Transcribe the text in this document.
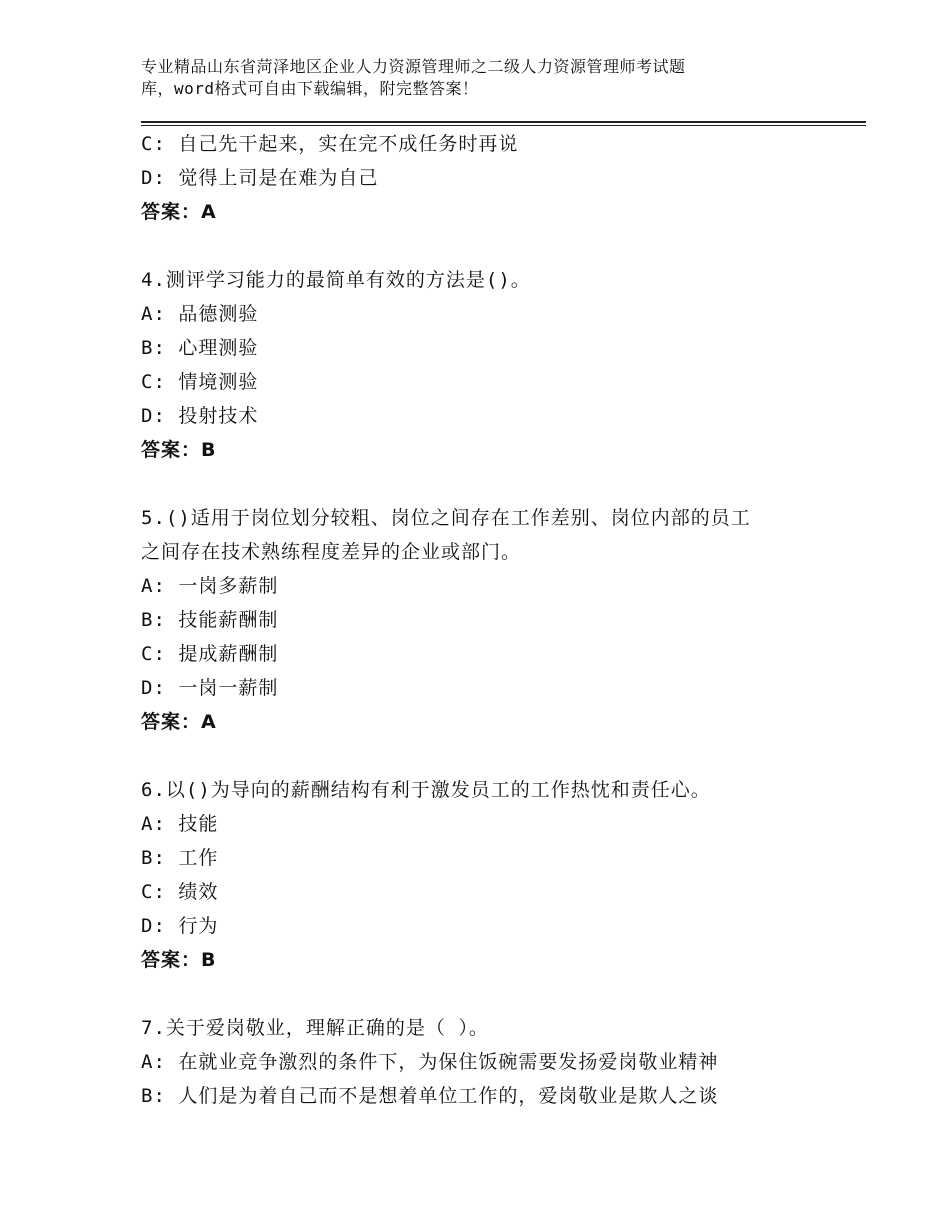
专业精品山东省菏泽地区企业人力资源管理师之二级人力资源管理师考试题
库，word格式可自由下载编辑，附完整答案！
C: 自己先干起来，实在完不成任务时再说
D: 觉得上司是在难为自己
答案：A
4.测评学习能力的最简单有效的方法是()。
A: 品德测验
B: 心理测验
C: 情境测验
D: 投射技术
答案：B
5.()适用于岗位划分较粗、岗位之间存在工作差别、岗位内部的员工
之间存在技术熟练程度差异的企业或部门。
A: 一岗多薪制
B: 技能薪酬制
C: 提成薪酬制
D: 一岗一薪制
答案：A
6.以()为导向的薪酬结构有利于激发员工的工作热忱和责任心。
A: 技能
B: 工作
C: 绩效
D: 行为
答案：B
7.关于爱岗敬业，理解正确的是（ ）。
A: 在就业竞争激烈的条件下，为保住饭碗需要发扬爱岗敬业精神
B: 人们是为着自己而不是想着单位工作的，爱岗敬业是欺人之谈
